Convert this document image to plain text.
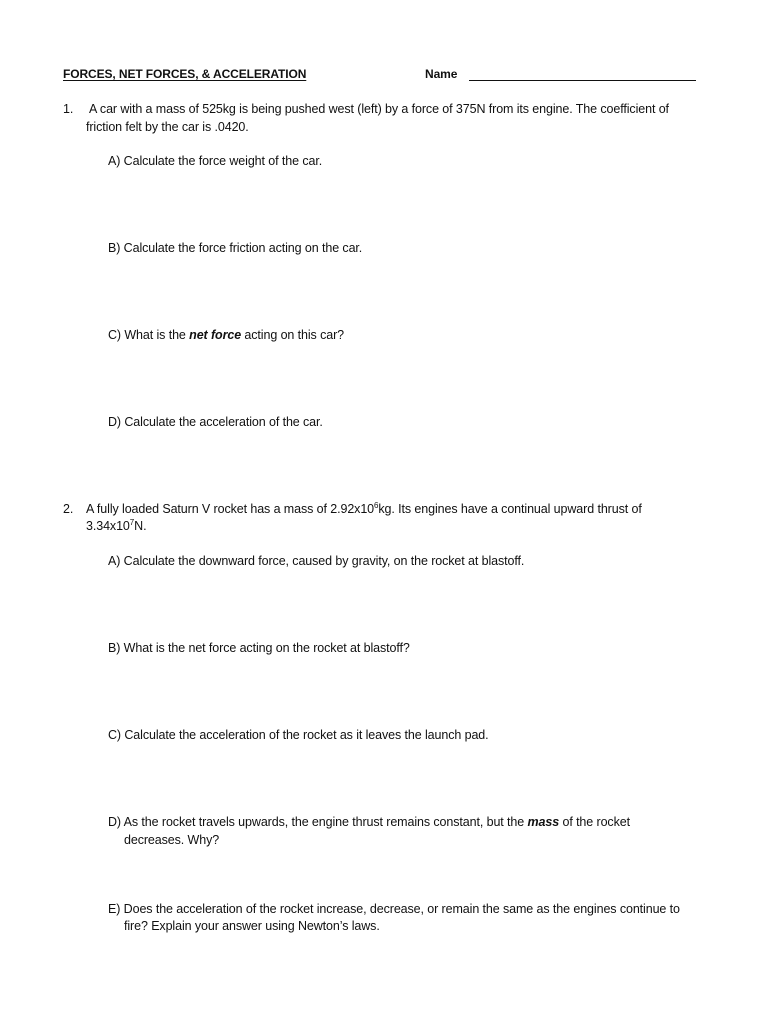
FORCES, NET FORCES, & ACCELERATION	Name
1. A car with a mass of 525kg is being pushed west (left) by a force of 375N from its engine. The coefficient of
friction felt by the car is .0420.
A) Calculate the force weight of the car.
B) Calculate the force friction acting on the car.
C) What is the net force acting on this car?
D) Calculate the acceleration of the car.
2. A fully loaded Saturn V rocket has a mass of $2.92x10^6kg$. Its engines have a continual upward thrust of
$3.34x10^7N$.
A) Calculate the downward force, caused by gravity, on the rocket at blastoff.
B) What is the net force acting on the rocket at blastoff?
C) Calculate the acceleration of the rocket as it leaves the launch pad.
D) As the rocket travels upwards, the engine thrust remains constant, but the mass of the rocket
decreases. Why?
E) Does the acceleration of the rocket increase, decrease, or remain the same as the engines continue to
fire? Explain your answer using Newton’s laws.
